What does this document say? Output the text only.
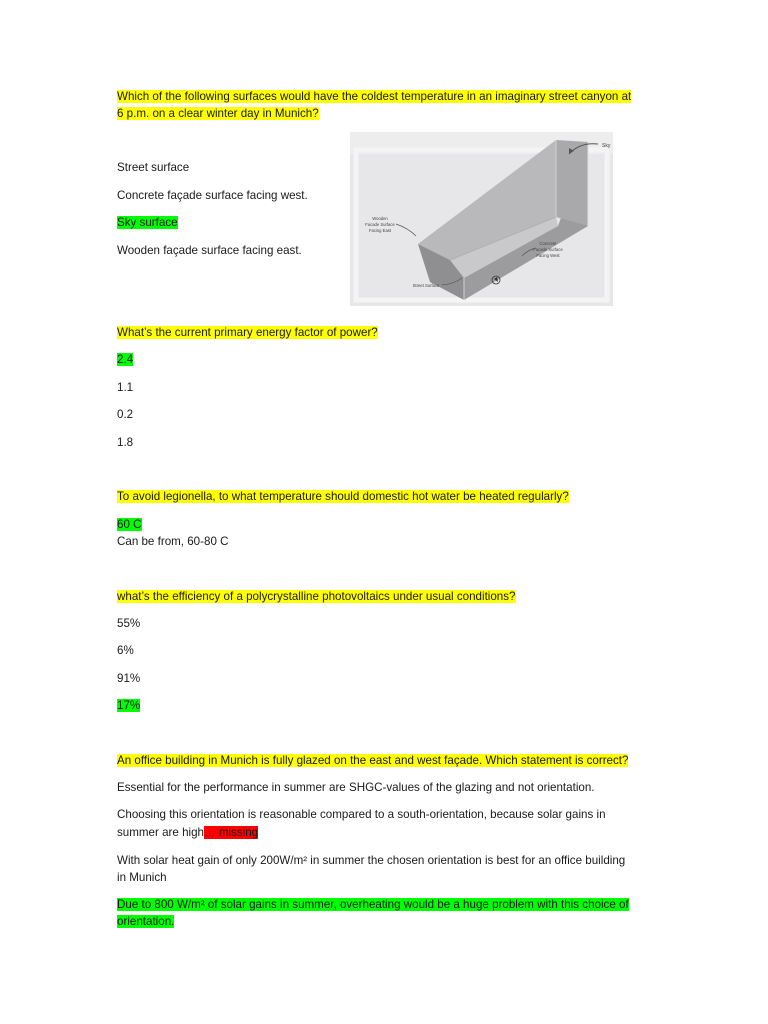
Which of the following surfaces would have the coldest temperature in an imaginary street canyon at
6 p.m. on a clear winter day in Munich?
Street surface
Concrete façade surface facing west.
Sky surface
Wooden façade surface facing east.
Sky
Wooden
Facade Surface
Facing East
Concrete
Facade Surface
Facing West
Street Surface
What’s the current primary energy factor of power?
2.4
1.1
0.2
1.8
To avoid legionella, to what temperature should domestic hot water be heated regularly?
60 C
Can be from, 60-80 C
what’s the efficiency of a polycrystalline photovoltaics under usual conditions?
55%
6%
91%
17%
An office building in Munich is fully glazed on the east and west façade. Which statement is correct?
Essential for the performance in summer are SHGC-values of the glazing and not orientation.
Choosing this orientation is reasonable compared to a south-orientation, because solar gains in
summer are high… missing
With solar heat gain of only 200W/m² in summer the chosen orientation is best for an office building
in Munich
Due to 800 W/m² of solar gains in summer, overheating would be a huge problem with this choice of
orientation.
